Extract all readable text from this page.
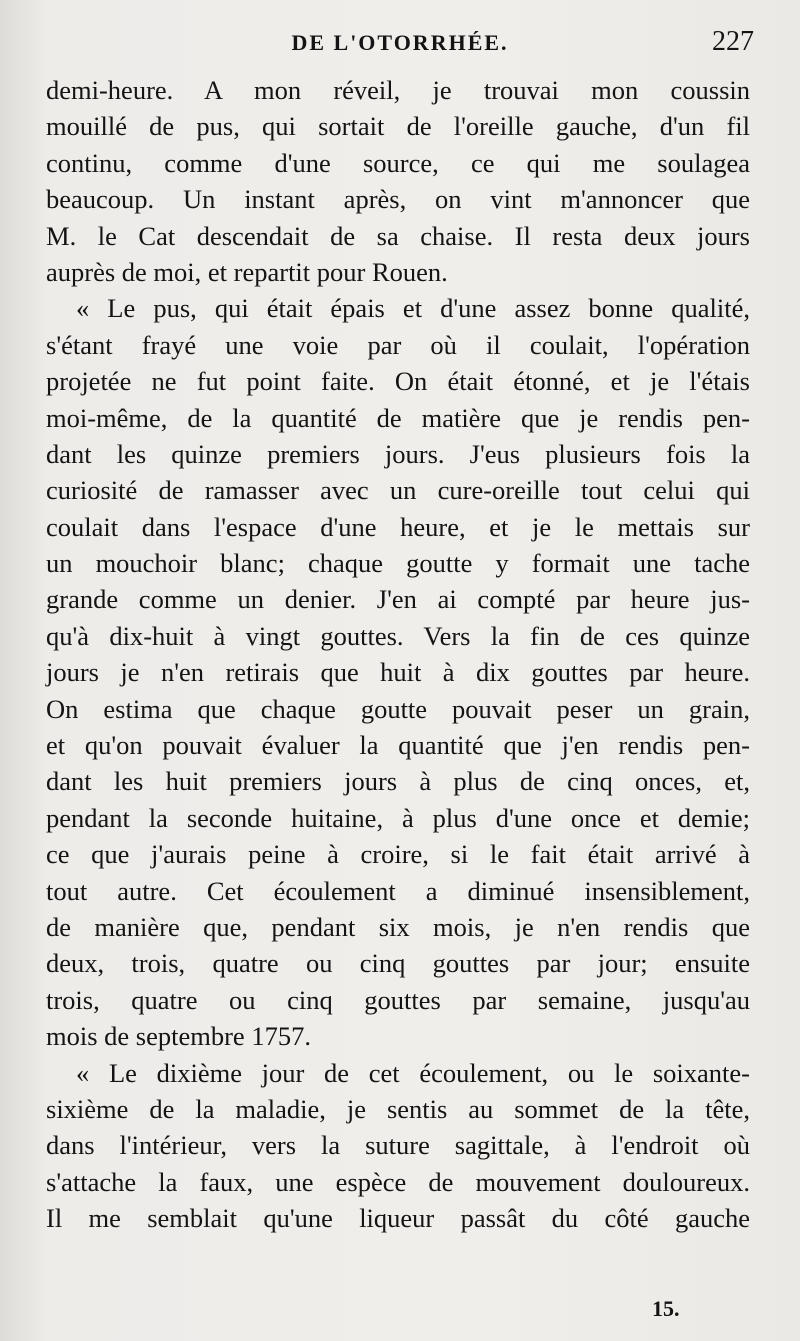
DE L'OTORRHÉE.	227
demi-heure. A mon réveil, je trouvai mon coussin
mouillé de pus, qui sortait de l'oreille gauche, d'un fil
continu, comme d'une source, ce qui me soulagea
beaucoup. Un instant après, on vint m'annoncer que
M. le Cat descendait de sa chaise. Il resta deux jours
auprès de moi, et repartit pour Rouen.
« Le pus, qui était épais et d'une assez bonne qualité,
s'étant frayé une voie par où il coulait, l'opération
projetée ne fut point faite. On était étonné, et je l'étais
moi-même, de la quantité de matière que je rendis pen-
dant les quinze premiers jours. J'eus plusieurs fois la
curiosité de ramasser avec un cure-oreille tout celui qui
coulait dans l'espace d'une heure, et je le mettais sur
un mouchoir blanc; chaque goutte y formait une tache
grande comme un denier. J'en ai compté par heure jus-
qu'à dix-huit à vingt gouttes. Vers la fin de ces quinze
jours je n'en retirais que huit à dix gouttes par heure.
On estima que chaque goutte pouvait peser un grain,
et qu'on pouvait évaluer la quantité que j'en rendis pen-
dant les huit premiers jours à plus de cinq onces, et,
pendant la seconde huitaine, à plus d'une once et demie;
ce que j'aurais peine à croire, si le fait était arrivé à
tout autre. Cet écoulement a diminué insensiblement,
de manière que, pendant six mois, je n'en rendis que
deux, trois, quatre ou cinq gouttes par jour; ensuite
trois, quatre ou cinq gouttes par semaine, jusqu'au
mois de septembre 1757.
« Le dixième jour de cet écoulement, ou le soixante-
sixième de la maladie, je sentis au sommet de la tête,
dans l'intérieur, vers la suture sagittale, à l'endroit où
s'attache la faux, une espèce de mouvement douloureux.
Il me semblait qu'une liqueur passât du côté gauche
15.
